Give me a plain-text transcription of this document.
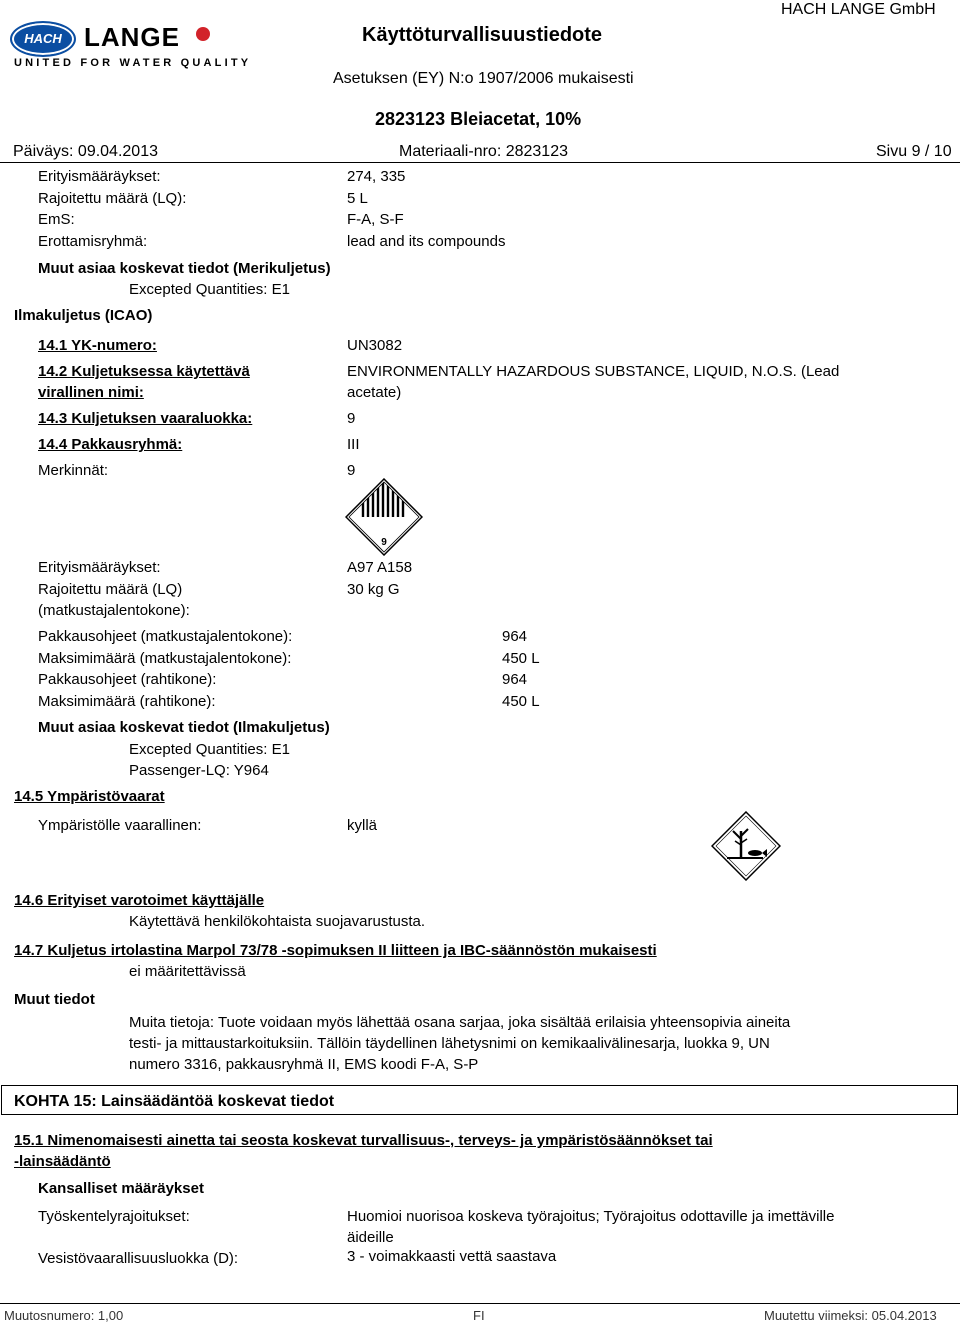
HACH LANGE
UNITED FOR WATER QUALITY
HACH LANGE GmbH
Käyttöturvallisuustiedote
Asetuksen (EY) N:o 1907/2006 mukaisesti
2823123 Bleiacetat, 10%
Päiväys: 09.04.2013	Materiaali-nro: 2823123	Sivu 9 / 10
Erityismääräykset:	274, 335
Rajoitettu määrä (LQ):	5 L
EmS:	F-A, S-F
Erottamisryhmä:	lead and its compounds
Muut asiaa koskevat tiedot (Merikuljetus)
Excepted Quantities: E1
Ilmakuljetus (ICAO)
14.1 YK-numero:	UN3082
14.2 Kuljetuksessa käytettävä
virallinen nimi:
ENVIRONMENTALLY HAZARDOUS SUBSTANCE, LIQUID, N.O.S. (Lead
acetate)
14.3 Kuljetuksen vaaraluokka:	9
14.4 Pakkausryhmä:	III
Merkinnät:	9
9
Erityismääräykset:	A97 A158
Rajoitettu määrä (LQ)
(matkustajalentokone):
30 kg G
Pakkausohjeet (matkustajalentokone):	964
Maksimimäärä (matkustajalentokone):	450 L
Pakkausohjeet (rahtikone):	964
Maksimimäärä (rahtikone):	450 L
Muut asiaa koskevat tiedot (Ilmakuljetus)
Excepted Quantities: E1
Passenger-LQ: Y964
14.5 Ympäristövaarat
Ympäristölle vaarallinen:	kyllä
14.6 Erityiset varotoimet käyttäjälle
Käytettävä henkilökohtaista suojavarustusta.
14.7 Kuljetus irtolastina Marpol 73/78 -sopimuksen II liitteen ja IBC-säännöstön mukaisesti
ei määritettävissä
Muut tiedot
Muita tietoja: Tuote voidaan myös lähettää osana sarjaa, joka sisältää erilaisia yhteensopivia aineita
testi- ja mittaustarkoituksiin. Tällöin täydellinen lähetysnimi on kemikaalivälinesarja, luokka 9, UN
numero 3316, pakkausryhmä II, EMS koodi F-A, S-P
KOHTA 15: Lainsäädäntöä koskevat tiedot
15.1 Nimenomaisesti ainetta tai seosta koskevat turvallisuus-, terveys- ja ympäristösäännökset tai
-lainsäädäntö
Kansalliset määräykset
Työskentelyrajoitukset:	Huomioi nuorisoa koskeva työrajoitus; Työrajoitus odottaville ja imettäville
äideille
Vesistövaarallisuusluokka (D):	3 - voimakkaasti vettä saastava
Muutosnumero: 1,00	FI	Muutettu viimeksi: 05.04.2013
